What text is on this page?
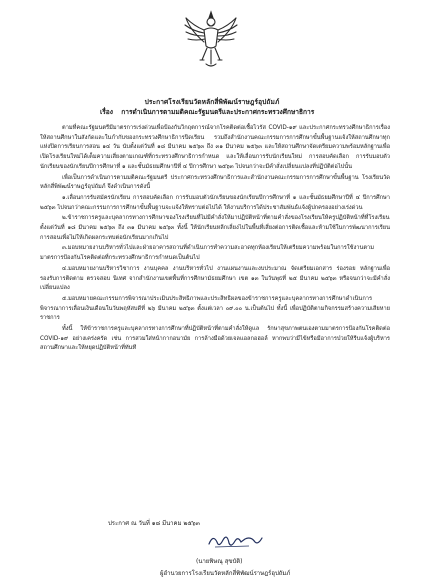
ประกาศโรงเรียนวัดหลักสี่พิพัฒน์ราษฎร์อุปถัมภ์
เรื่อง การดำเนินการตามมติคณะรัฐมนตรีและประกาศกระทรวงศึกษาธิการ

ตามที่คณะรัฐมนตรีมีมาตรการเร่งด่วนเพื่อป้องกันวิกฤตการณ์จากโรคติดต่อเชื้อไวรัส COVID-๑๙ และประกาศกระทรวงศึกษาธิการเรื่อง ให้สถานศึกษาในสังกัดและในกำกับของกระทรวงศึกษาธิการปิดเรียน รวมถึงสำนักงานคณะกรรมการการศึกษาขั้นพื้นฐานแจ้งให้สถานศึกษาทุกแห่งปิดการเรียนการสอน ๑๔ วัน นับตั้งแต่วันที่ ๑๘ มีนาคม ๒๕๖๓ ถึง ๓๑ มีนาคม ๒๕๖๓ และให้สถานศึกษาจัดเตรียมความพร้อมหลักฐานเพื่อเปิดโรงเรียนใหม่ได้เต็มความเสี่ยงตามเกณฑ์ที่กระทรวงศึกษาธิการกำหนด และให้เลื่อนการรับนักเรียนใหม่ การสอบคัดเลือก การรับมอบตัวนักเรียนของนักเรียนปีการศึกษาที่ ๑ และชั้นมัธยมศึกษาปีที่ ๔ ปีการศึกษา ๒๕๖๓ ไปจนกว่าจะมีคำสั่งเปลี่ยนแปลงที่ปฏิบัติต่อไปนั้น

เพื่อเป็นการดำเนินการตามมติคณะรัฐมนตรี ประกาศกระทรวงศึกษาธิการและสำนักงานคณะกรรมการการศึกษาขั้นพื้นฐาน โรงเรียนวัดหลักสี่พิพัฒน์ราษฎร์อุปถัมภ์ จึงดำเนินการดังนี้

๑.เลื่อนการรับสมัครนักเรียน การสอบคัดเลือก การรับมอบตัวนักเรียนของนักเรียนปีการศึกษาที่ ๑ และชั้นมัธยมศึกษาปีที่ ๔ ปีการศึกษา ๒๕๖๓ ไปจนกว่าคณะกรรมการการศึกษาขั้นพื้นฐานจะแจ้งให้ทราบต่อไปได้ ให้งานบริการได้ประชาสัมพันธ์แจ้งผู้ปกครองอย่างเร่งด่วน

๒.ข้าราชการครูและบุคลากรทางการศึกษาของโรงเรียนที่ไม่มีคำสั่งให้มาปฏิบัติหน้าที่ตามคำสั่งของโรงเรียนให้ครูปฏิบัติหน้าที่ที่โรงเรียนตั้งแต่วันที่ ๑๘ มีนาคม ๒๕๖๓ ถึง ๓๑ มีนาคม ๒๕๖๓ ทั้งนี้ ให้นักเรียนหลีกเลี่ยงไปในพื้นที่เสี่ยงต่อการติดเชื้อและห้ามใช้ในการพัฒนาการเรียนการสอนเพื่อไม่ให้เกิดผลกระทบต่อนักเรียนมากเกินไป

๓.มอบหมายงานบริหารทั่วไปและฝ่ายอาคารสถานที่ดำเนินการทำความสะอาดทุกห้องเรียนให้เตรียมความพร้อมในการใช้งานตามมาตรการป้องกันโรคติดต่อที่กระทรวงศึกษาธิการกำหนดเป็นต้นไป

๔.มอบหมายงานบริหารวิชาการ งานบุคคล งานบริหารทั่วไป งานแผนงานและงบประมาณ จัดเตรียมเอกสาร ร่องรอย หลักฐานเพื่อรองรับการติดตาม ตรวจสอบ นิเทศ จากสำนักงานเขตพื้นที่การศึกษามัธยมศึกษา เขต ๑๓ ในวันพุธที่ ๒๕ มีนาคม ๒๕๖๓ หรือจนกว่าจะมีคำสั่งเปลี่ยนแปลง

๕.มอบหมายคณะกรรมการพิจารณาประเมินประสิทธิภาพและประสิทธิผลของข้าราชการครูและบุคลากรทางการศึกษาดำเนินการพิจารณาการเลื่อนเงินเดือนในวันพฤหัสบดีที่ ๒๖ มีนาคม ๒๕๖๓ ตั้งแต่เวลา ๐๙.๐๐ น.เป็นต้นไป ทั้งนี้ เพื่อปฏิบัติตามกิจกรรมสร้างความเสียหายราชการ

ทั้งนี้ ให้ข้าราชการครูและบุคลากรทางการศึกษาที่ปฏิบัติหน้าที่ตามคำสั่งให้ดูแล รักษาสุขภาพตนเองตามมาตรการป้องกันโรคติดต่อ COVID-๑๙ อย่างเคร่งครัด เช่น การสวมใส่หน้ากากอนามัย การล้างมือด้วยเจลแอลกอฮอล์ หากพบว่ามีไข้หรือมีอาการป่วยให้รีบแจ้งผู้บริหารสถานศึกษาและให้หยุดปฏิบัติหน้าที่ทันที

ประกาศ ณ วันที่ ๑๘ มีนาคม ๒๕๖๓
(นายพิษณุ สุขบัติ)
ผู้อำนวยการโรงเรียนวัดหลักสี่พิพัฒน์ราษฎร์อุปถัมภ์
